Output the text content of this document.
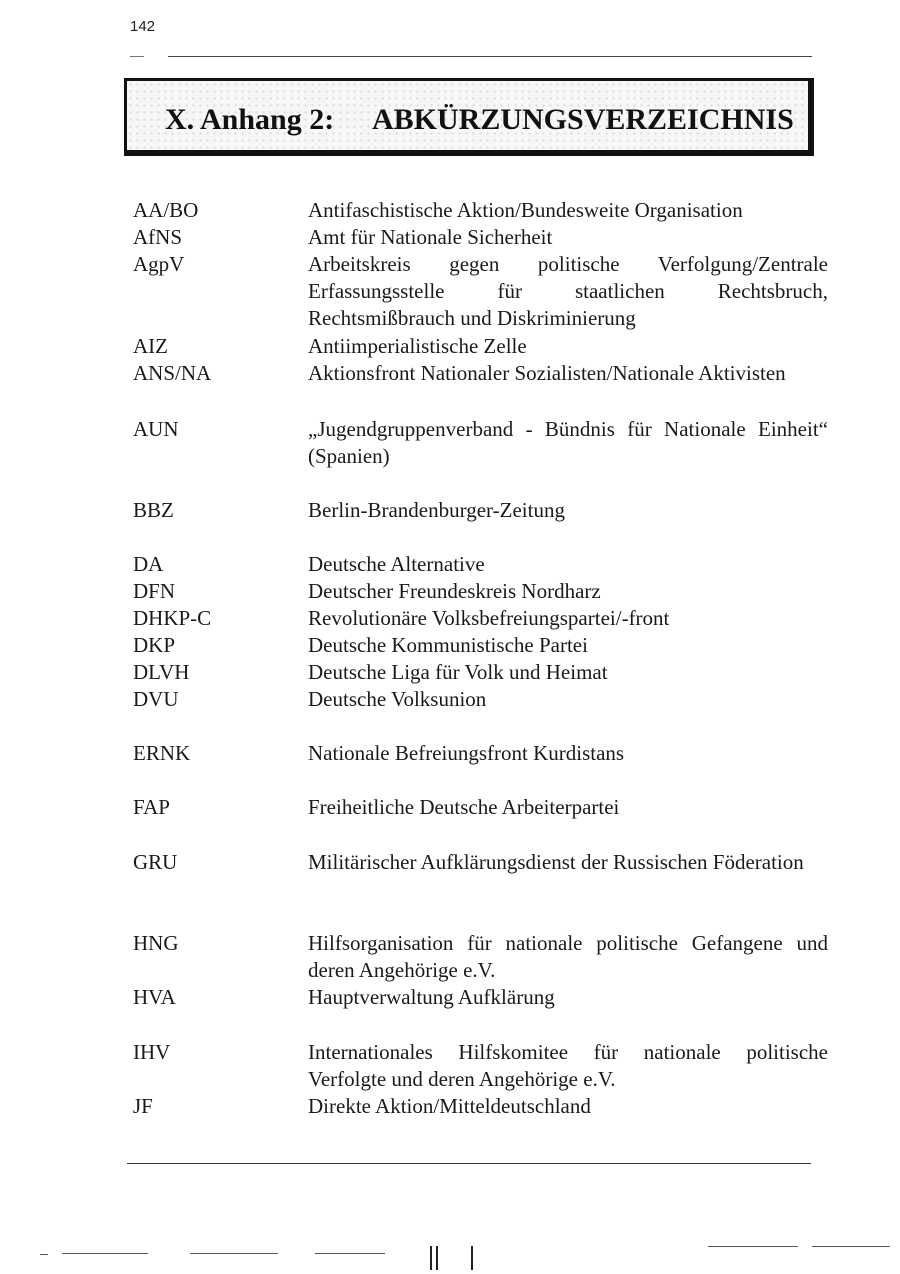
142
X. Anhang 2: ABKÜRZUNGSVERZEICHNIS
AA/BO	Antifaschistische Aktion/Bundesweite Organisation
AfNS	Amt für Nationale Sicherheit
AgpV	Arbeitskreis gegen politische Verfolgung/Zentrale Erfassungsstelle für staatlichen Rechtsbruch, Rechtsmißbrauch und Diskriminierung
AIZ	Antiimperialistische Zelle
ANS/NA	Aktionsfront Nationaler Sozialisten/Nationale Aktivisten
AUN	„Jugendgruppenverband - Bündnis für Nationale Einheit“ (Spanien)
BBZ	Berlin-Brandenburger-Zeitung
DA	Deutsche Alternative
DFN	Deutscher Freundeskreis Nordharz
DHKP-C	Revolutionäre Volksbefreiungspartei/-front
DKP	Deutsche Kommunistische Partei
DLVH	Deutsche Liga für Volk und Heimat
DVU	Deutsche Volksunion
ERNK	Nationale Befreiungsfront Kurdistans
FAP	Freiheitliche Deutsche Arbeiterpartei
GRU	Militärischer Aufklärungsdienst der Russischen Föderation
HNG	Hilfsorganisation für nationale politische Gefangene und deren Angehörige e.V.
HVA	Hauptverwaltung Aufklärung
IHV	Internationales Hilfskomitee für nationale politische Verfolgte und deren Angehörige e.V.
JF	Direkte Aktion/Mitteldeutschland
